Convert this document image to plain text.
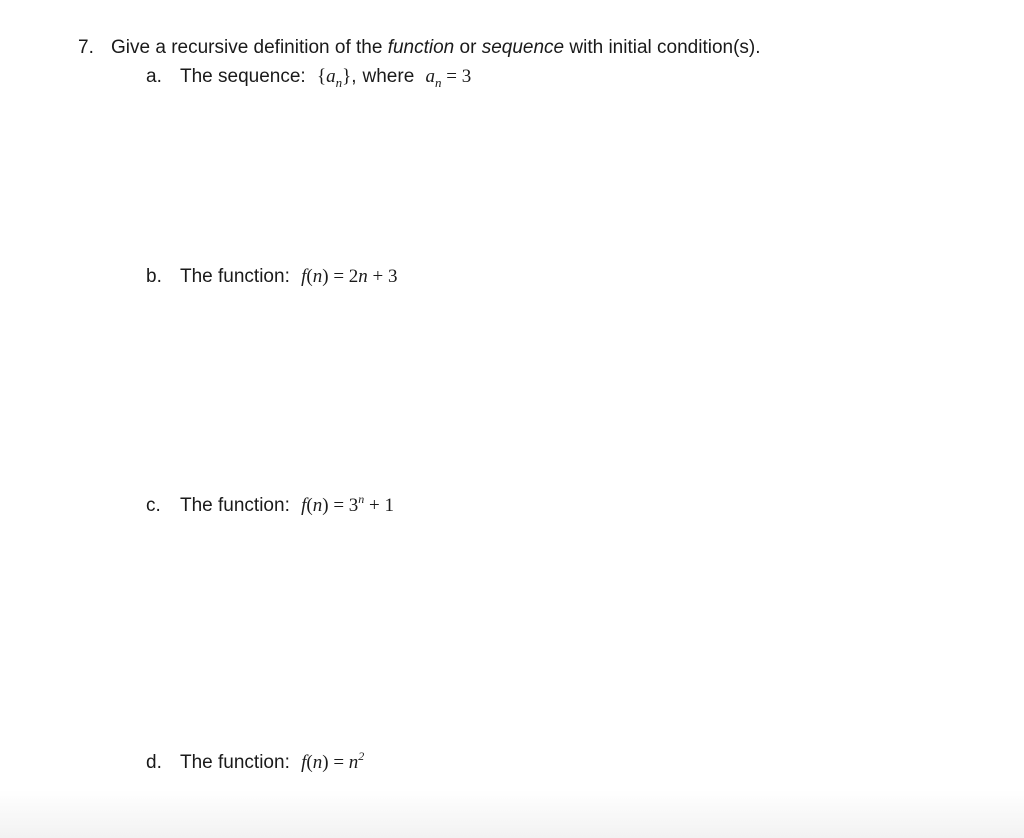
7. Give a recursive definition of the function or sequence with initial condition(s).
a. The sequence: $\{a_n\}$, where $a_n = 3$
b. The function: f(n) = 2n + 3
c. The function: $f(n) = 3^n + 1$
d. The function: $f(n) = n^2$
